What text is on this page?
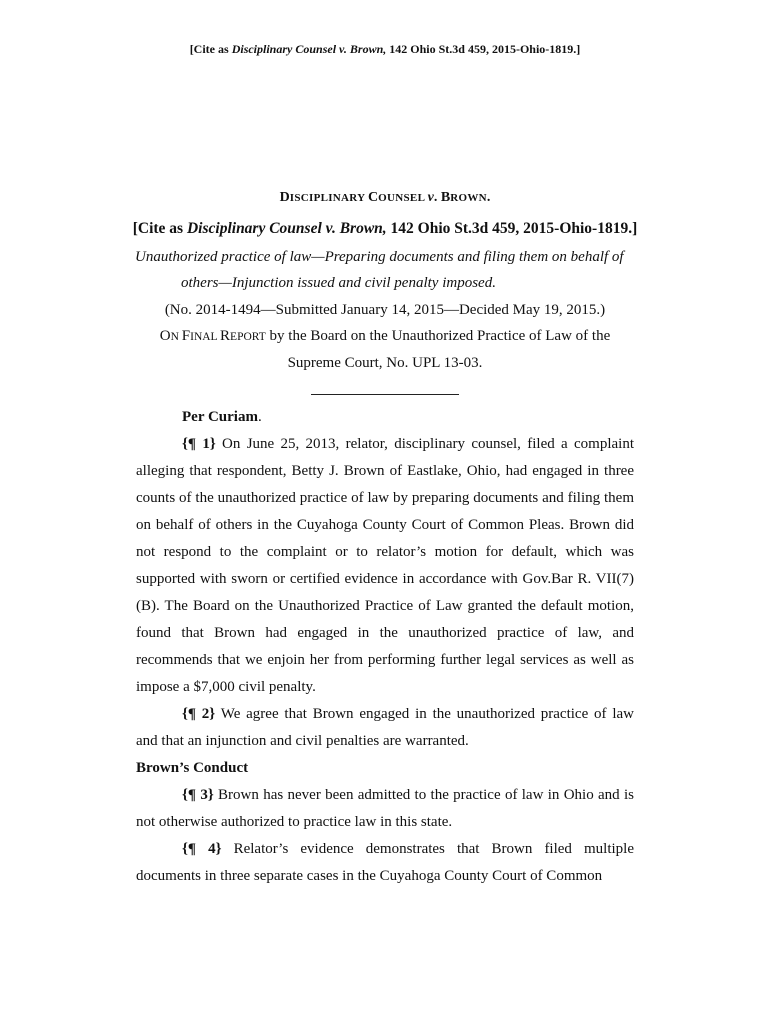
[Cite as Disciplinary Counsel v. Brown, 142 Ohio St.3d 459, 2015-Ohio-1819.]
DISCIPLINARY COUNSEL v. BROWN.
[Cite as Disciplinary Counsel v. Brown, 142 Ohio St.3d 459, 2015-Ohio-1819.]
Unauthorized practice of law—Preparing documents and filing them on behalf of
others—Injunction issued and civil penalty imposed.
(No. 2014-1494—Submitted January 14, 2015—Decided May 19, 2015.)
ON FINAL REPORT by the Board on the Unauthorized Practice of Law of the Supreme Court, No. UPL 13-03.

Per Curiam.

{¶ 1} On June 25, 2013, relator, disciplinary counsel, filed a complaint alleging that respondent, Betty J. Brown of Eastlake, Ohio, had engaged in three counts of the unauthorized practice of law by preparing documents and filing them on behalf of others in the Cuyahoga County Court of Common Pleas. Brown did not respond to the complaint or to relator’s motion for default, which was supported with sworn or certified evidence in accordance with Gov.Bar R. VII(7)(B). The Board on the Unauthorized Practice of Law granted the default motion, found that Brown had engaged in the unauthorized practice of law, and recommends that we enjoin her from performing further legal services as well as impose a $7,000 civil penalty.

{¶ 2} We agree that Brown engaged in the unauthorized practice of law and that an injunction and civil penalties are warranted.

Brown’s Conduct

{¶ 3} Brown has never been admitted to the practice of law in Ohio and is not otherwise authorized to practice law in this state.

{¶ 4} Relator’s evidence demonstrates that Brown filed multiple documents in three separate cases in the Cuyahoga County Court of Common
